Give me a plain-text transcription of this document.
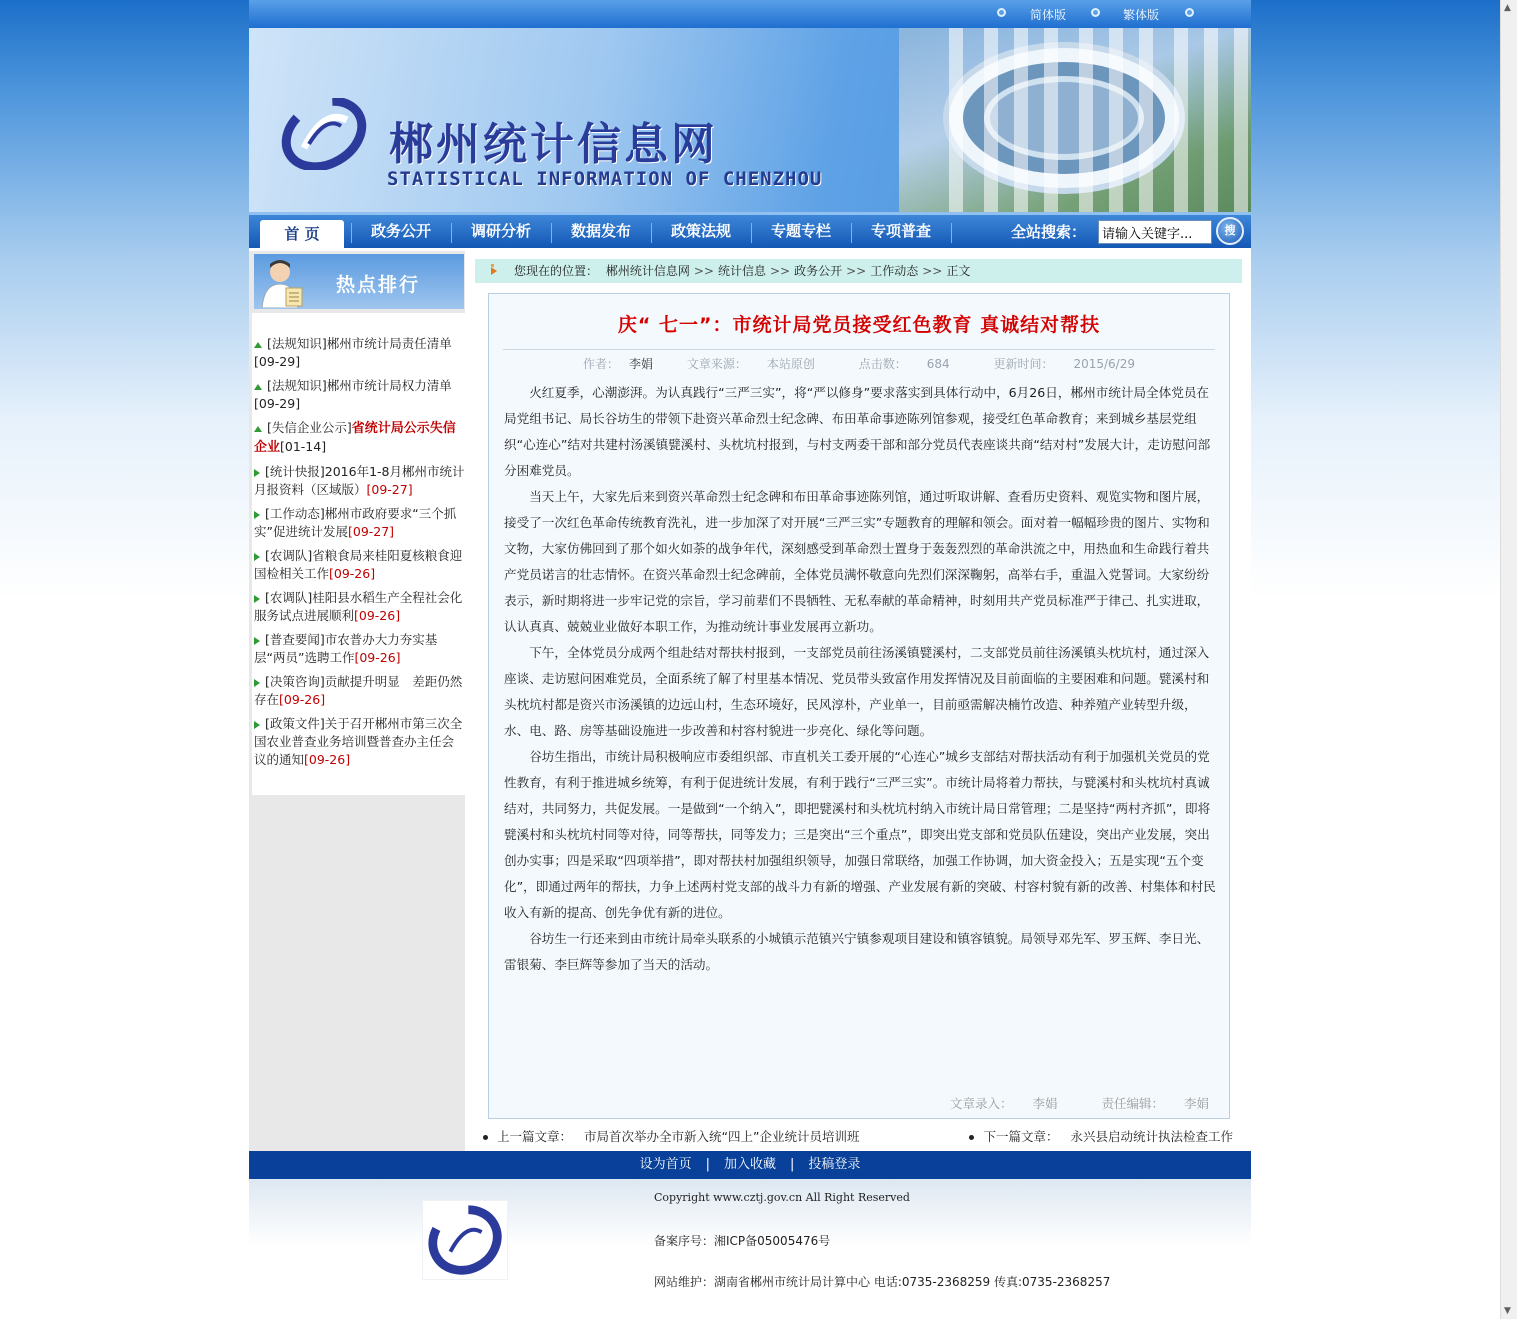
▲
▼
简体版	繁体版
郴州统计信息网
STATISTICAL INFORMATION OF CHENZHOU
首 页	政务公开	调研分析	数据发布	政策法规	专题专栏	专项普查	全站搜索：
请输入关键字...	搜
热点排行
[法规知识]郴州市统计局责任清单
[09-29]
[法规知识]郴州市统计局权力清单
[09-29]
[失信企业公示]省统计局公示失信企业[01-14]
[统计快报]2016年1-8月郴州市统计月报资料（区域版）[09-27]
[工作动态]郴州市政府要求“三个抓实”促进统计发展[09-27]
[农调队]省粮食局来桂阳夏核粮食迎国检相关工作[09-26]
[农调队]桂阳县水稻生产全程社会化服务试点进展顺利[09-26]
[普查要闻]市农普办大力夯实基层“两员”选聘工作[09-26]
[决策咨询]贡献提升明显　差距仍然存在[09-26]
[政策文件]关于召开郴州市第三次全国农业普查业务培训暨普查办主任会议的通知[09-26]
您现在的位置： 郴州统计信息网 >> 统计信息 >> 政务公开 >> 工作动态 >> 正文
庆“ 七一”：市统计局党员接受红色教育 真诚结对帮扶
作者： 李娟	文章来源： 本站原创	点击数： 684	更新时间： 2015/6/29

火红夏季，心潮澎湃。为认真践行“三严三实”，将“严以修身”要求落实到具体行动中，6月26日，郴州市统计局全体党员在局党组书记、局长谷坊生的带领下赴资兴革命烈士纪念碑、布田革命事迹陈列馆参观，接受红色革命教育；来到城乡基层党组织“心连心”结对共建村汤溪镇甓溪村、头枕坑村报到，与村支两委干部和部分党员代表座谈共商“结对村”发展大计，走访慰问部分困难党员。

当天上午，大家先后来到资兴革命烈士纪念碑和布田革命事迹陈列馆，通过听取讲解、查看历史资料、观览实物和图片展，接受了一次红色革命传统教育洗礼，进一步加深了对开展“三严三实”专题教育的理解和领会。面对着一幅幅珍贵的图片、实物和文物，大家仿佛回到了那个如火如荼的战争年代，深刻感受到革命烈士置身于轰轰烈烈的革命洪流之中，用热血和生命践行着共产党员诺言的壮志情怀。在资兴革命烈士纪念碑前，全体党员满怀敬意向先烈们深深鞠躬，高举右手，重温入党誓词。大家纷纷表示，新时期将进一步牢记党的宗旨，学习前辈们不畏牺牲、无私奉献的革命精神，时刻用共产党员标准严于律己、扎实进取，认认真真、兢兢业业做好本职工作，为推动统计事业发展再立新功。

下午，全体党员分成两个组赴结对帮扶村报到，一支部党员前往汤溪镇甓溪村，二支部党员前往汤溪镇头枕坑村，通过深入座谈、走访慰问困难党员，全面系统了解了村里基本情况、党员带头致富作用发挥情况及目前面临的主要困难和问题。甓溪村和头枕坑村都是资兴市汤溪镇的边远山村，生态环境好，民风淳朴，产业单一，目前亟需解决楠竹改造、种养殖产业转型升级，水、电、路、房等基础设施进一步改善和村容村貌进一步亮化、绿化等问题。

谷坊生指出，市统计局积极响应市委组织部、市直机关工委开展的“心连心”城乡支部结对帮扶活动有利于加强机关党员的党性教育，有利于推进城乡统筹，有利于促进统计发展，有利于践行“三严三实”。市统计局将着力帮扶，与甓溪村和头枕坑村真诚结对，共同努力，共促发展。一是做到“一个纳入”，即把甓溪村和头枕坑村纳入市统计局日常管理；二是坚持“两村齐抓”，即将甓溪村和头枕坑村同等对待，同等帮扶，同等发力；三是突出“三个重点”，即突出党支部和党员队伍建设，突出产业发展，突出创办实事；四是采取“四项举措”，即对帮扶村加强组织领导，加强日常联络，加强工作协调，加大资金投入；五是实现“五个变化”，即通过两年的帮扶，力争上述两村党支部的战斗力有新的增强、产业发展有新的突破、村容村貌有新的改善、村集体和村民收入有新的提高、创先争优有新的进位。

谷坊生一行还来到由市统计局牵头联系的小城镇示范镇兴宁镇参观项目建设和镇容镇貌。局领导邓先军、罗玉辉、李日光、雷银菊、李巨辉等参加了当天的活动。

文章录入： 李娟	责任编辑： 李娟
上一篇文章： 市局首次举办全市新入统“四上”企业统计员培训班	下一篇文章： 永兴县启动统计执法检查工作
设为首页 | 加入收藏 | 投稿登录
Copyright www.cztj.gov.cn All Right Reserved
备案序号：湘ICP备05005476号
网站维护：湖南省郴州市统计局计算中心 电话:0735-2368259 传真:0735-2368257
